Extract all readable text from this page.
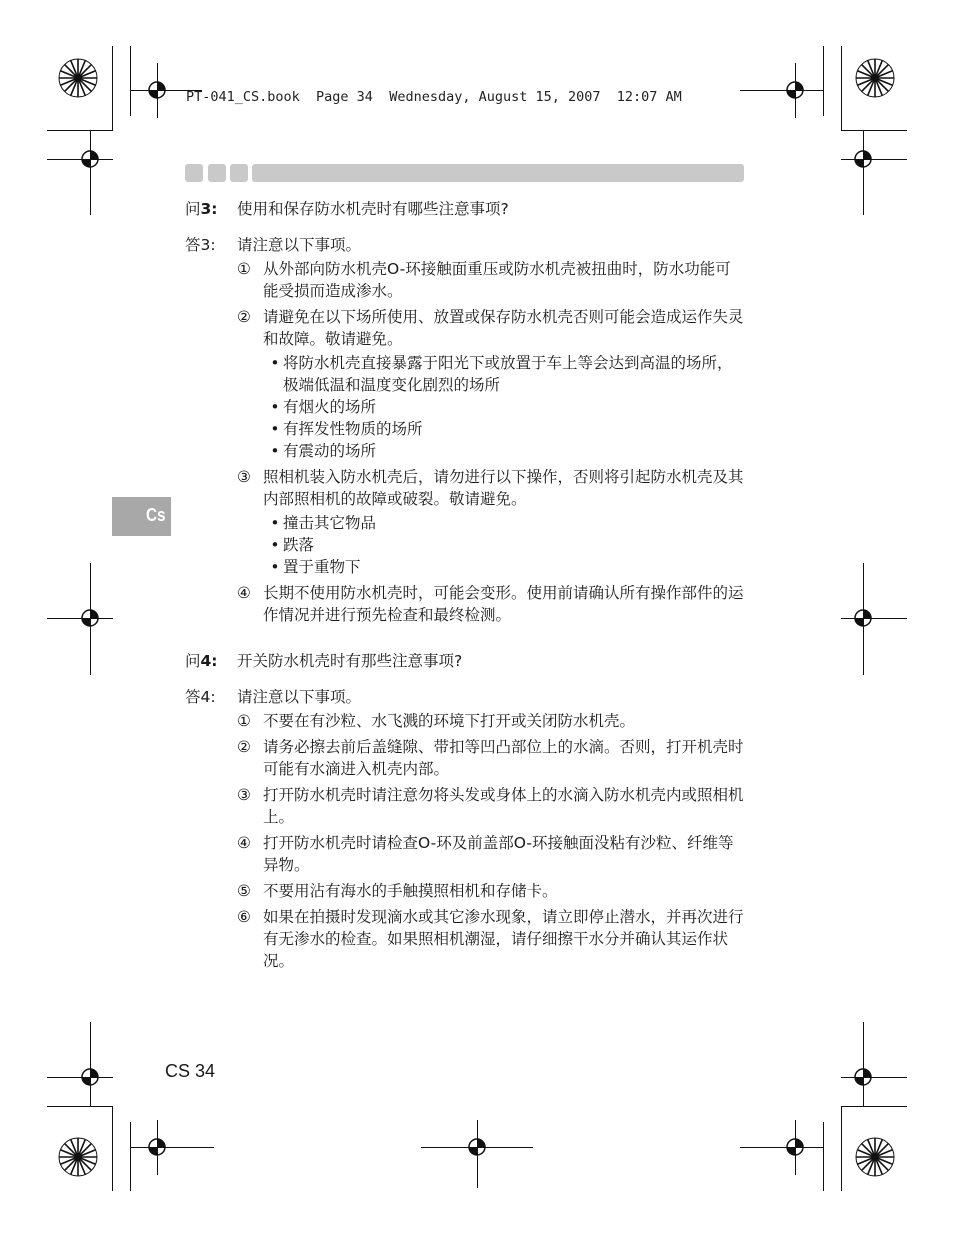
PT-041_CS.book  Page 34  Wednesday, August 15, 2007  12:07 AM
Cs
问3:	使用和保存防水机壳时有哪些注意事项?
答3:	请注意以下事项。
① 从外部向防水机壳O-环接触面重压或防水机壳被扭曲时，防水功能可能受损而造成渗水。
② 请避免在以下场所使用、放置或保存防水机壳否则可能会造成运作失灵和故障。敬请避免。
• 将防水机壳直接暴露于阳光下或放置于车上等会达到高温的场所，极端低温和温度变化剧烈的场所
• 有烟火的场所
• 有挥发性物质的场所
• 有震动的场所
③ 照相机装入防水机壳后，请勿进行以下操作，否则将引起防水机壳及其内部照相机的故障或破裂。敬请避免。
• 撞击其它物品
• 跌落
• 置于重物下
④ 长期不使用防水机壳时，可能会变形。使用前请确认所有操作部件的运作情况并进行预先检查和最终检测。
问4:	开关防水机壳时有那些注意事项?
答4:	请注意以下事项。
① 不要在有沙粒、水飞溅的环境下打开或关闭防水机壳。
② 请务必擦去前后盖缝隙、带扣等凹凸部位上的水滴。否则，打开机壳时可能有水滴进入机壳内部。
③ 打开防水机壳时请注意勿将头发或身体上的水滴入防水机壳内或照相机上。
④ 打开防水机壳时请检查O-环及前盖部O-环接触面没粘有沙粒、纤维等异物。
⑤ 不要用沾有海水的手触摸照相机和存储卡。
⑥ 如果在拍摄时发现滴水或其它渗水现象，请立即停止潜水，并再次进行有无渗水的检查。如果照相机潮湿，请仔细擦干水分并确认其运作状况。
CS 34
